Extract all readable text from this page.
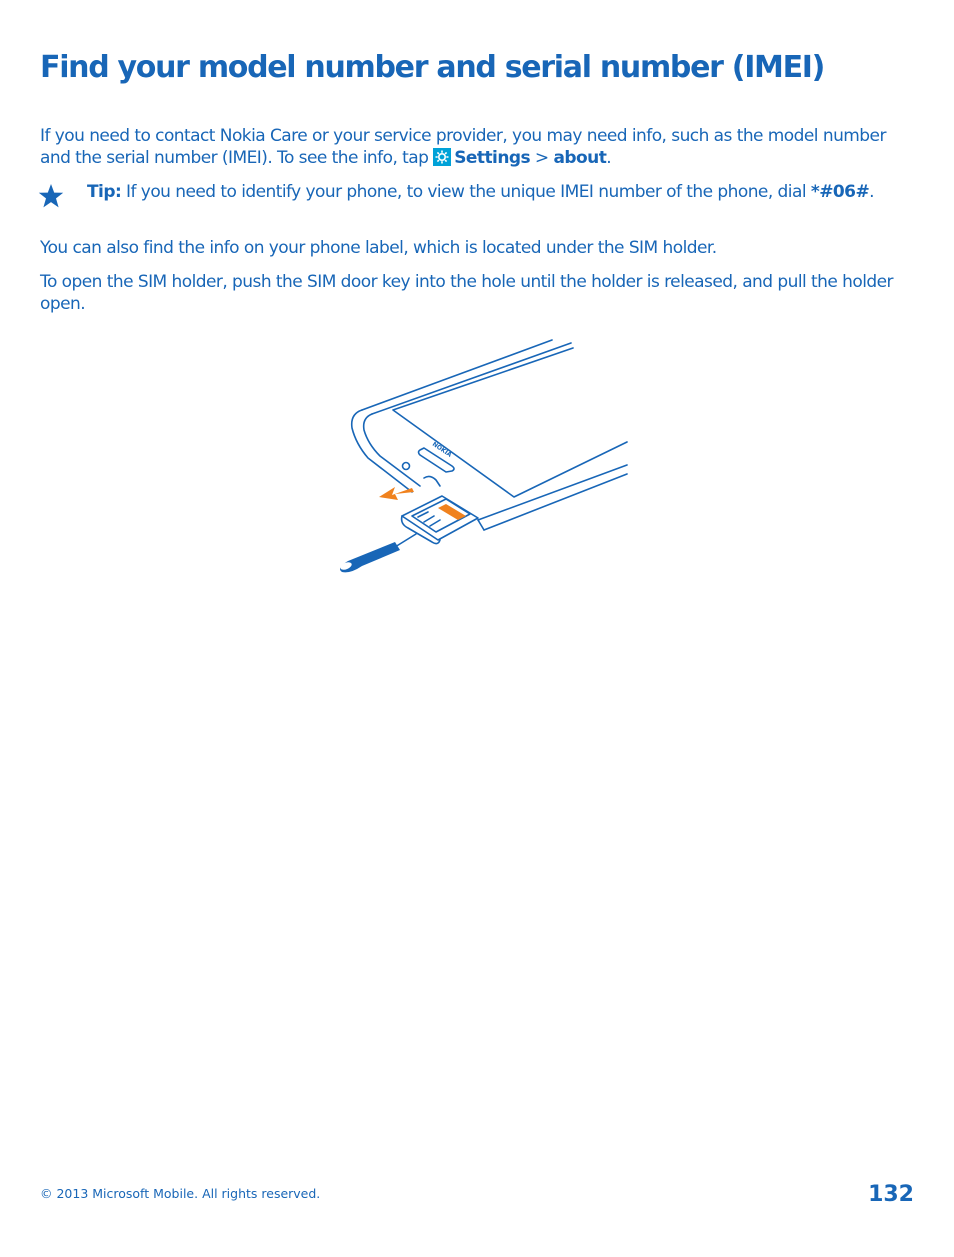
Find your model number and serial number (IMEI)

If you need to contact Nokia Care or your service provider, you may need info, such as the model number and the serial number (IMEI). To see the info, tap Settings > about.

Tip: If you need to identify your phone, to view the unique IMEI number of the phone, dial *#06#.

You can also find the info on your phone label, which is located under the SIM holder.

To open the SIM holder, push the SIM door key into the hole until the holder is released, and pull the holder open.

NOKIA
© 2013 Microsoft Mobile. All rights reserved.	132
